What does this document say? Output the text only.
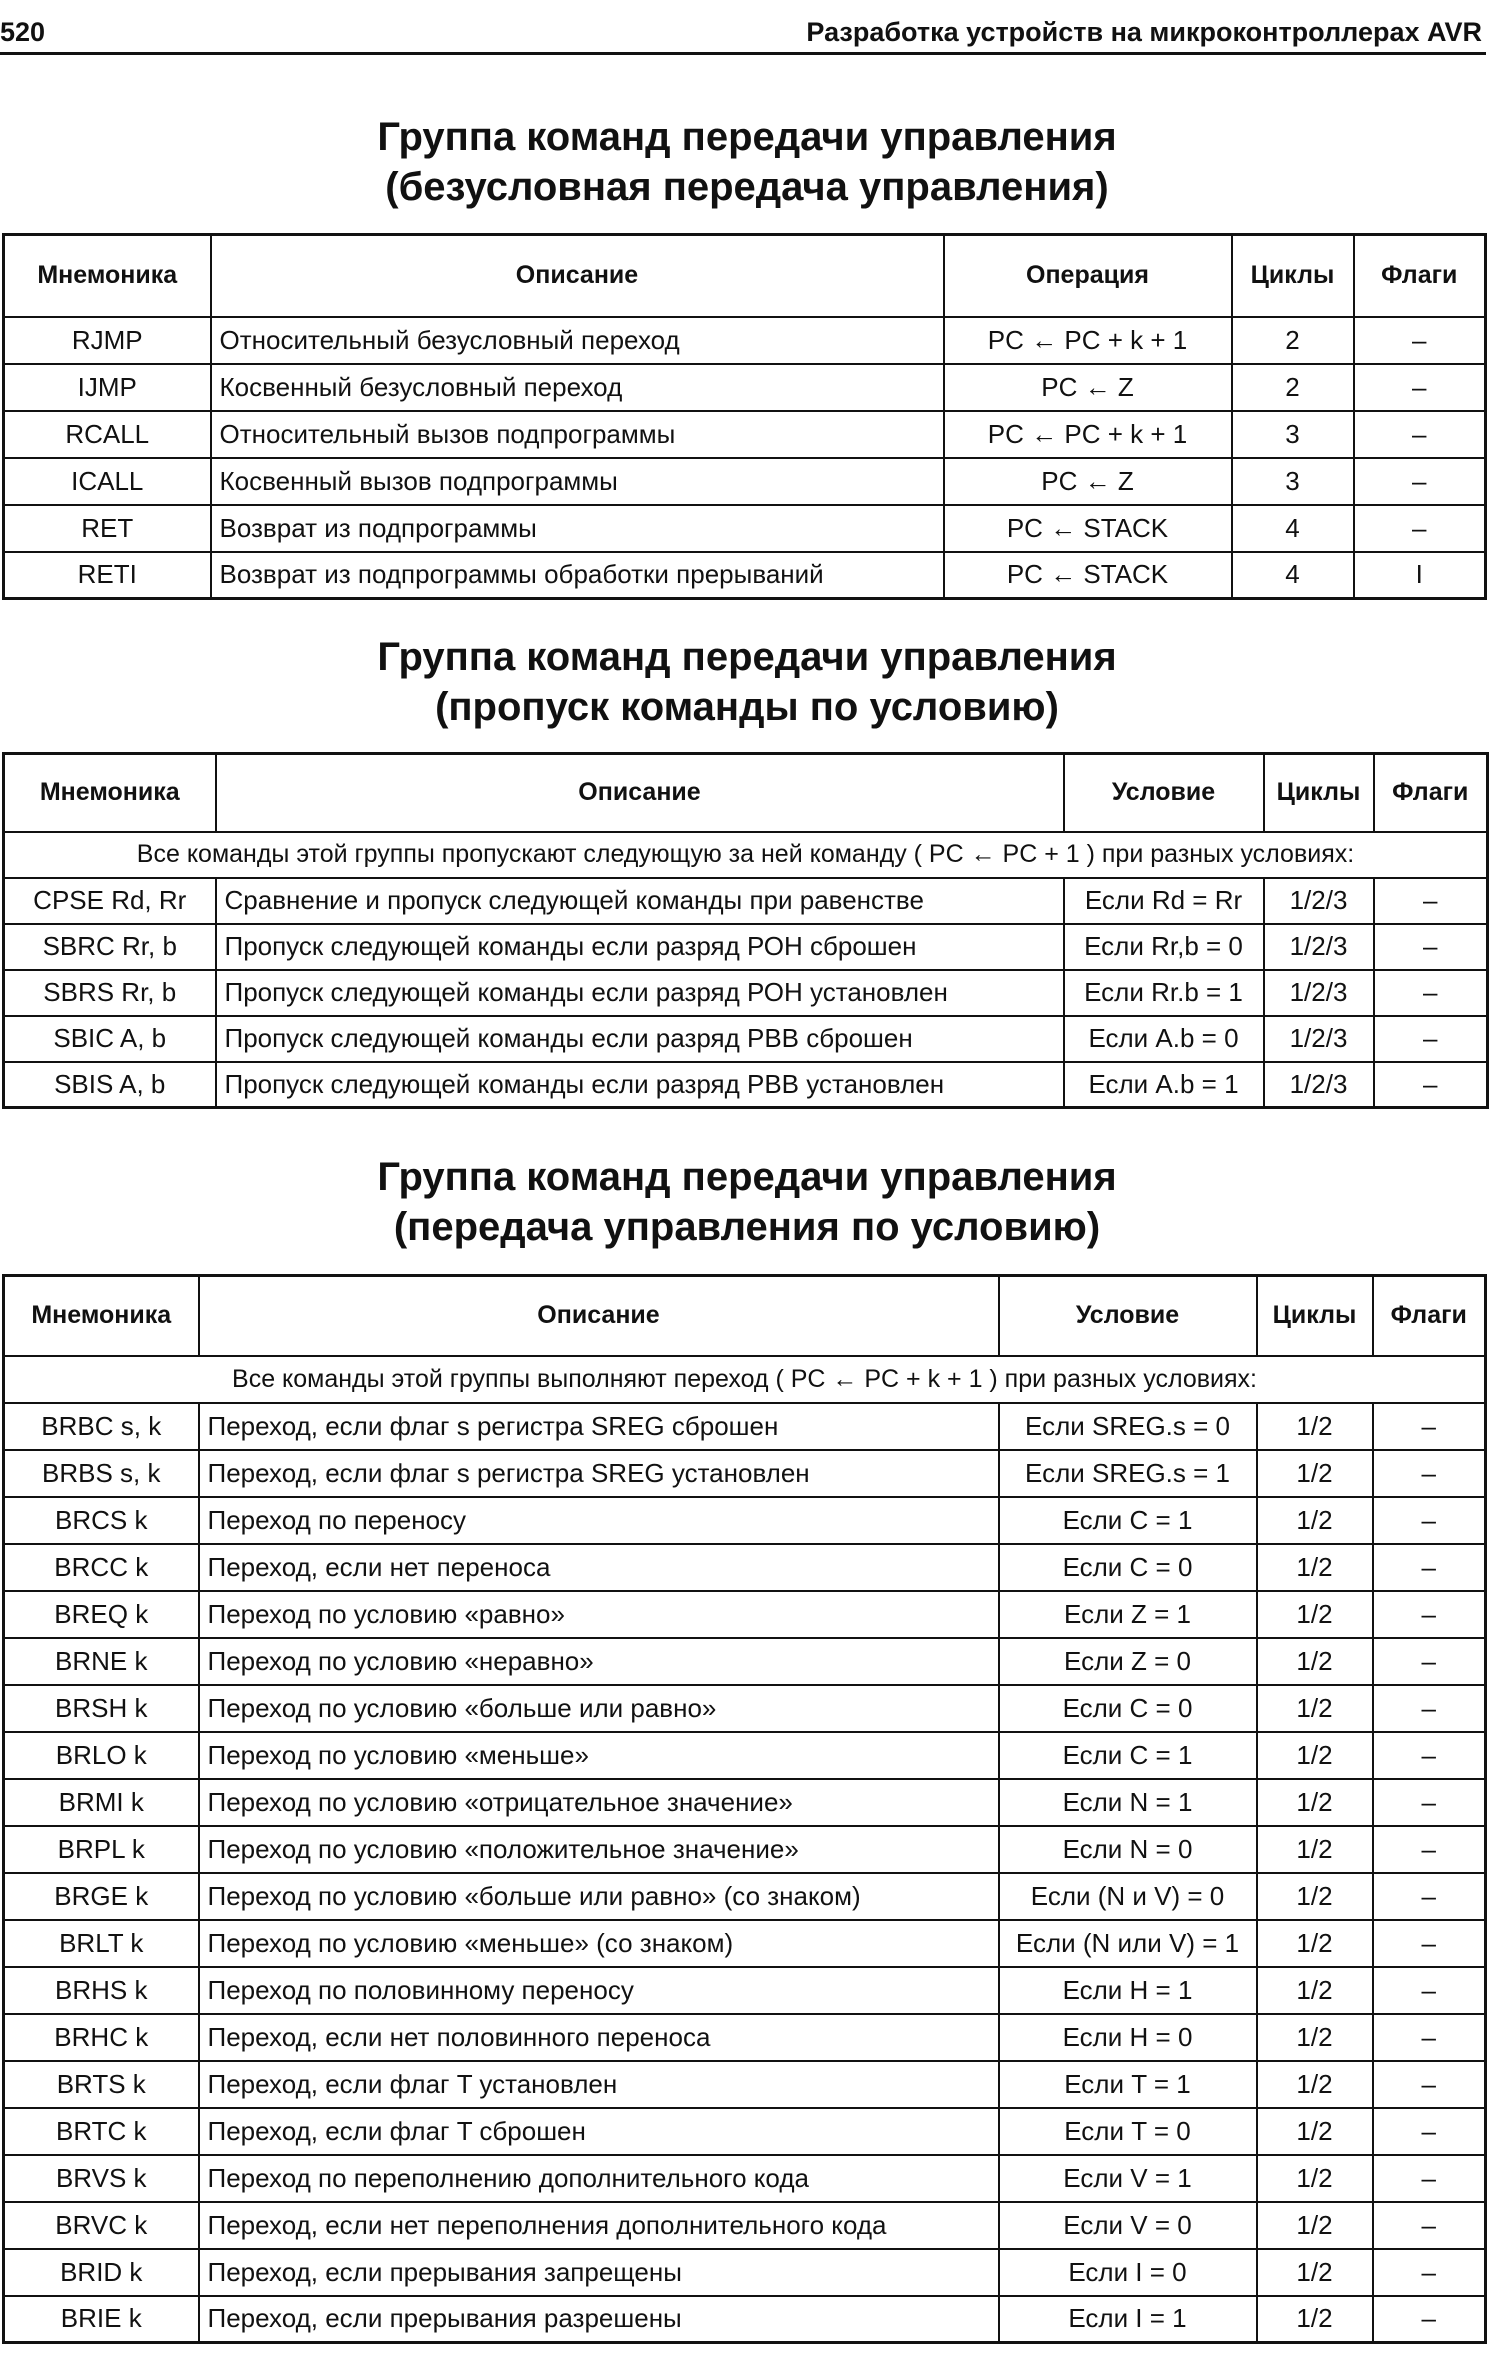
520	Разработка устройств на микроконтроллерах AVR
Группа команд передачи управления
(безусловная передача управления)
Мнемоника	Описание	Операция	Циклы	Флаги
RJMP	Относительный безусловный переход	PC ← PC + k + 1	2	–
IJMP	Косвенный безусловный переход	PC ← Z	2	–
RCALL	Относительный вызов подпрограммы	PC ← PC + k + 1	3	–
ICALL	Косвенный вызов подпрограммы	PC ← Z	3	–
RET	Возврат из подпрограммы	PC ← STACK	4	–
RETI	Возврат из подпрограммы обработки прерываний	PC ← STACK	4	I
Группа команд передачи управления
(пропуск команды по условию)
Мнемоника	Описание	Условие	Циклы	Флаги
Все команды этой группы пропускают следующую за ней команду ( PC ← PC + 1 ) при разных условиях:				
CPSE Rd, Rr	Сравнение и пропуск следующей команды при равенстве	Если Rd = Rr	1/2/3	–
SBRC Rr, b	Пропуск следующей команды если разряд РОН сброшен	Если Rr,b = 0	1/2/3	–
SBRS Rr, b	Пропуск следующей команды если разряд РОН установлен	Если Rr.b = 1	1/2/3	–
SBIC A, b	Пропуск следующей команды если разряд РВВ сброшен	Если A.b = 0	1/2/3	–
SBIS A, b	Пропуск следующей команды если разряд РВВ установлен	Если A.b = 1	1/2/3	–
Группа команд передачи управления
(передача управления по условию)
Мнемоника	Описание	Условие	Циклы	Флаги
Все команды этой группы выполняют переход ( PC ← PC + k + 1 ) при разных условиях:				
BRBC s, k	Переход, если флаг s регистра SREG сброшен	Если SREG.s = 0	1/2	–
BRBS s, k	Переход, если флаг s регистра SREG установлен	Если SREG.s = 1	1/2	–
BRCS k	Переход по переносу	Если C = 1	1/2	–
BRCC k	Переход, если нет переноса	Если C = 0	1/2	–
BREQ k	Переход по условию «равно»	Если Z = 1	1/2	–
BRNE k	Переход по условию «неравно»	Если Z = 0	1/2	–
BRSH k	Переход по условию «больше или равно»	Если C = 0	1/2	–
BRLO k	Переход по условию «меньше»	Если C = 1	1/2	–
BRMI k	Переход по условию «отрицательное значение»	Если N = 1	1/2	–
BRPL k	Переход по условию «положительное значение»	Если N = 0	1/2	–
BRGE k	Переход по условию «больше или равно» (со знаком)	Если (N и V) = 0	1/2	–
BRLT k	Переход по условию «меньше» (со знаком)	Если (N или V) = 1	1/2	–
BRHS k	Переход по половинному переносу	Если H = 1	1/2	–
BRHC k	Переход, если нет половинного переноса	Если H = 0	1/2	–
BRTS k	Переход, если флаг T установлен	Если T = 1	1/2	–
BRTC k	Переход, если флаг T сброшен	Если T = 0	1/2	–
BRVS k	Переход по переполнению дополнительного кода	Если V = 1	1/2	–
BRVC k	Переход, если нет переполнения дополнительного кода	Если V = 0	1/2	–
BRID k	Переход, если прерывания запрещены	Если I = 0	1/2	–
BRIE k	Переход, если прерывания разрешены	Если I = 1	1/2	–
